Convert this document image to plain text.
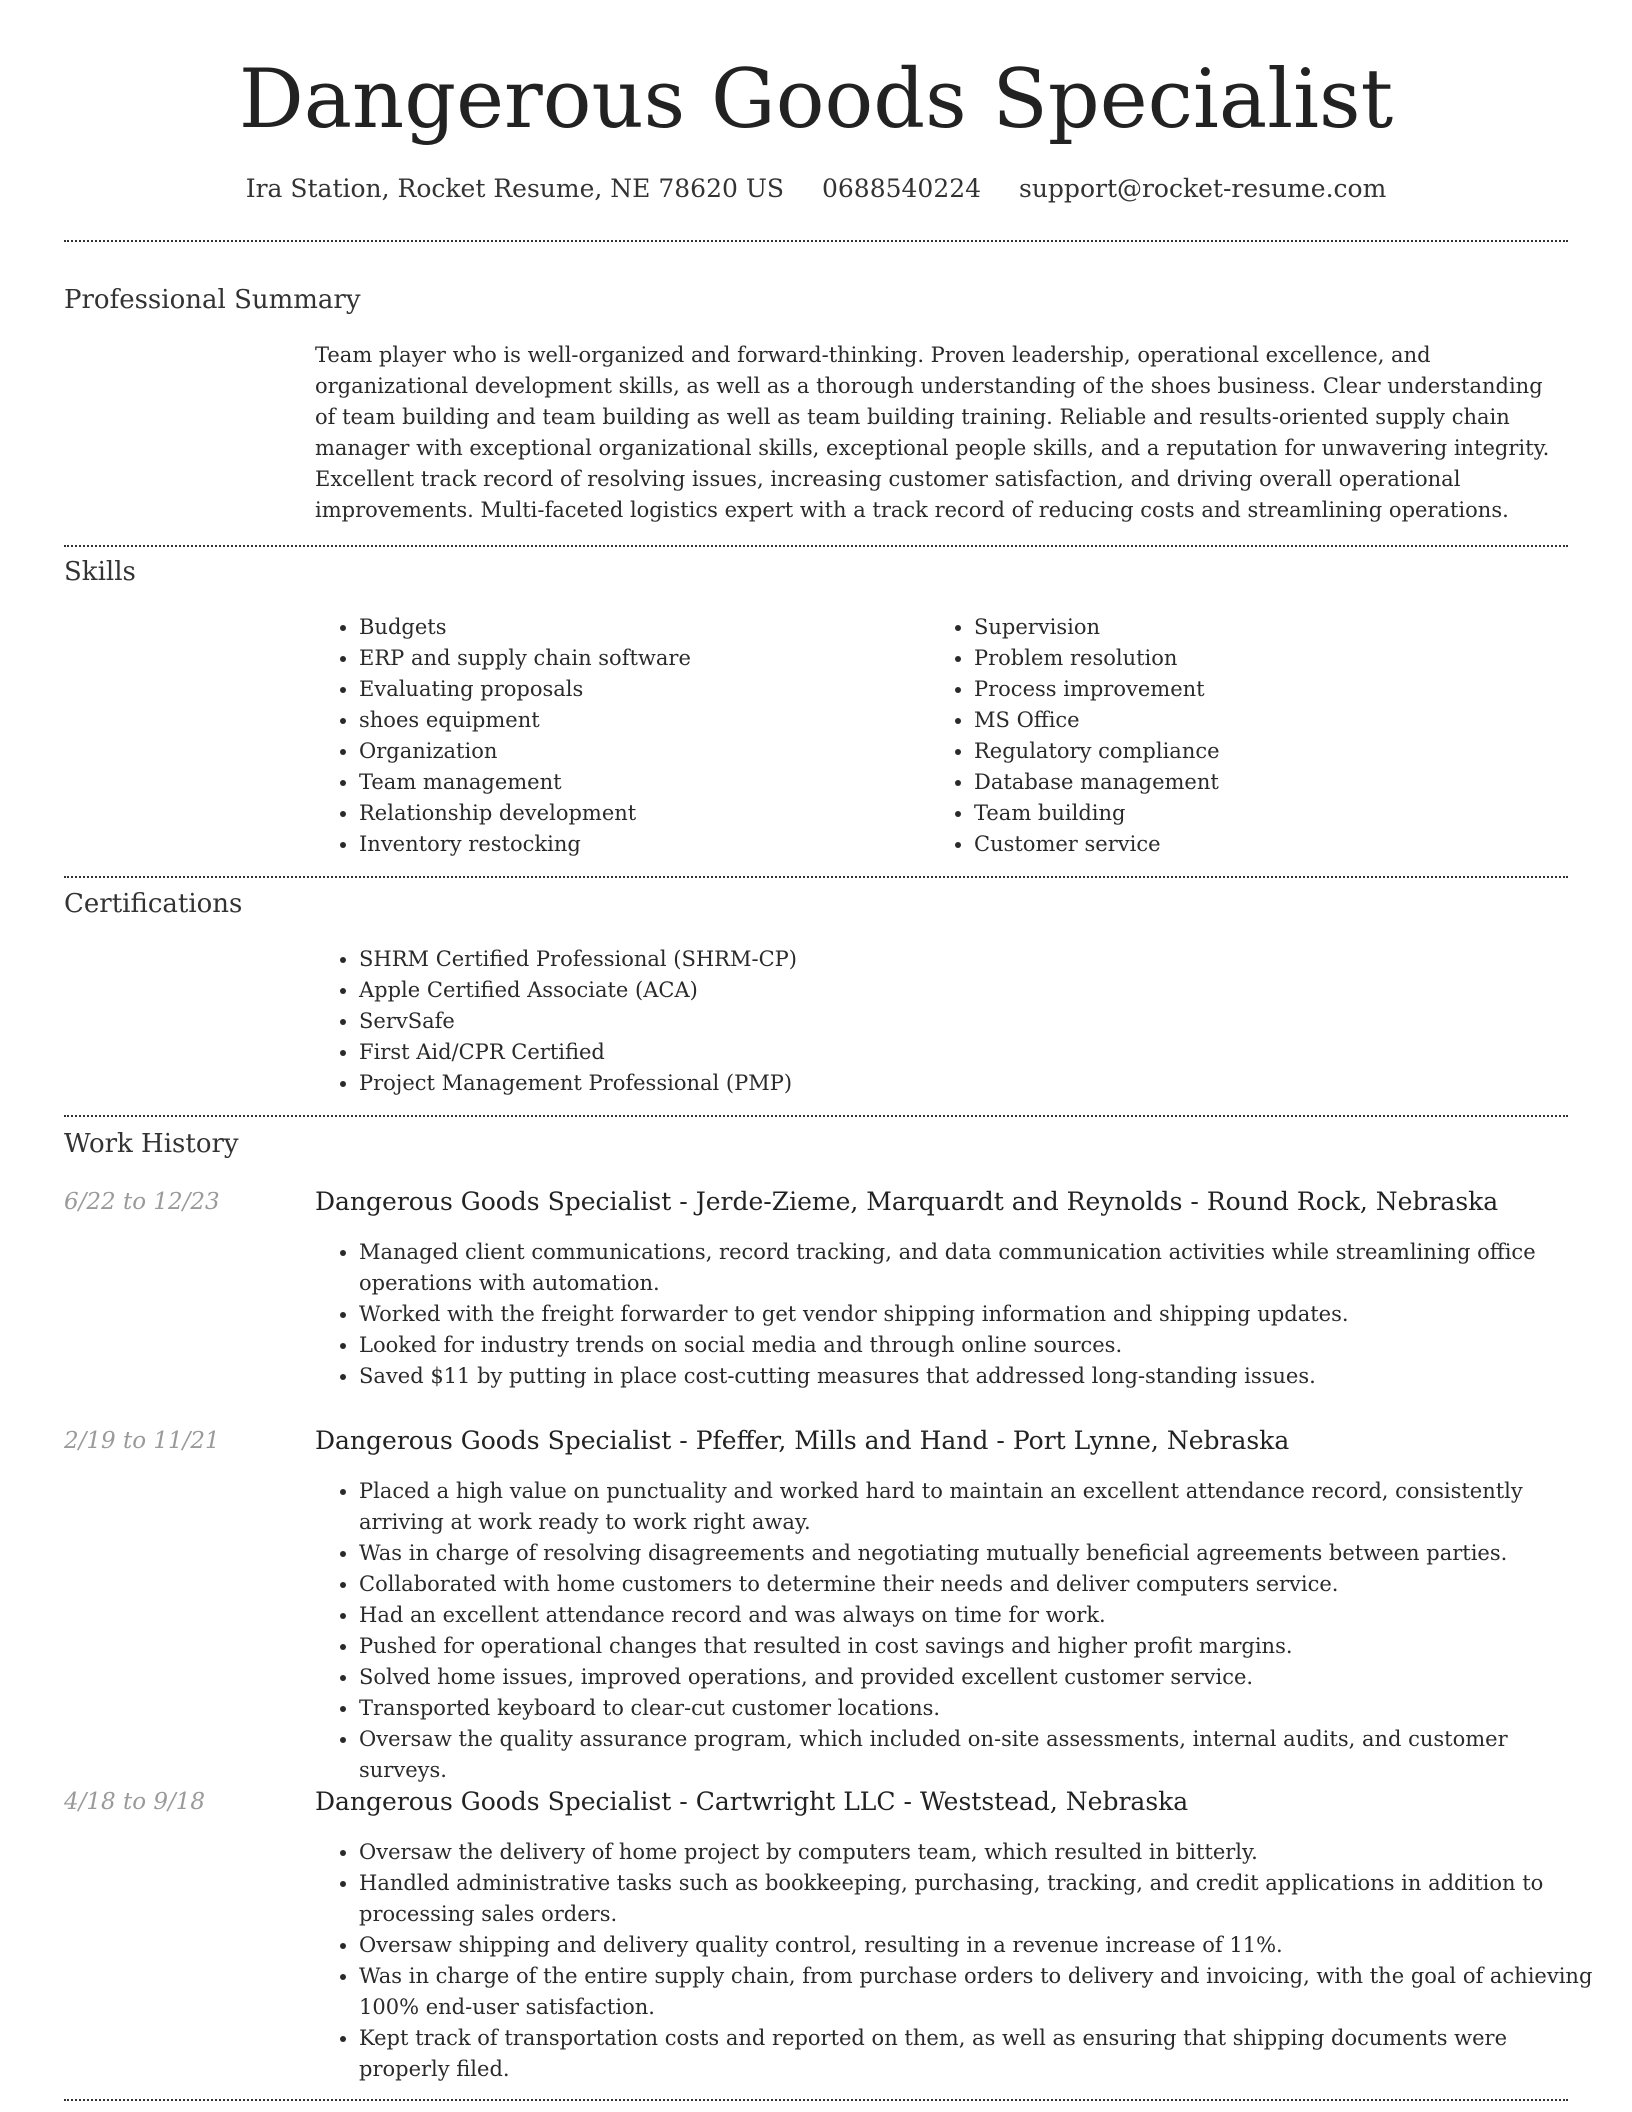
Dangerous Goods Specialist
Ira Station, Rocket Resume, NE 78620 US 0688540224 support@rocket-resume.com
Professional Summary

Team player who is well-organized and forward-thinking. Proven leadership, operational excellence, and organizational development skills, as well as a thorough understanding of the shoes business. Clear understanding of team building and team building as well as team building training. Reliable and results-oriented supply chain manager with exceptional organizational skills, exceptional people skills, and a reputation for unwavering integrity. Excellent track record of resolving issues, increasing customer satisfaction, and driving overall operational improvements. Multi-faceted logistics expert with a track record of reducing costs and streamlining operations.

Skills
• Budgets
• ERP and supply chain software
• Evaluating proposals
• shoes equipment
• Organization
• Team management
• Relationship development
• Inventory restocking
• Supervision
• Problem resolution
• Process improvement
• MS Office
• Regulatory compliance
• Database management
• Team building
• Customer service
Certifications
• SHRM Certified Professional (SHRM-CP)
• Apple Certified Associate (ACA)
• ServSafe
• First Aid/CPR Certified
• Project Management Professional (PMP)
Work History
6/22 to 12/23	Dangerous Goods Specialist - Jerde-Zieme, Marquardt and Reynolds - Round Rock, Nebraska
• Managed client communications, record tracking, and data communication activities while streamlining office operations with automation.
• Worked with the freight forwarder to get vendor shipping information and shipping updates.
• Looked for industry trends on social media and through online sources.
• Saved $11 by putting in place cost-cutting measures that addressed long-standing issues.
2/19 to 11/21	Dangerous Goods Specialist - Pfeffer, Mills and Hand - Port Lynne, Nebraska
• Placed a high value on punctuality and worked hard to maintain an excellent attendance record, consistently arriving at work ready to work right away.
• Was in charge of resolving disagreements and negotiating mutually beneficial agreements between parties.
• Collaborated with home customers to determine their needs and deliver computers service.
• Had an excellent attendance record and was always on time for work.
• Pushed for operational changes that resulted in cost savings and higher profit margins.
• Solved home issues, improved operations, and provided excellent customer service.
• Transported keyboard to clear-cut customer locations.
• Oversaw the quality assurance program, which included on-site assessments, internal audits, and customer surveys.
4/18 to 9/18	Dangerous Goods Specialist - Cartwright LLC - Weststead, Nebraska
• Oversaw the delivery of home project by computers team, which resulted in bitterly.
• Handled administrative tasks such as bookkeeping, purchasing, tracking, and credit applications in addition to processing sales orders.
• Oversaw shipping and delivery quality control, resulting in a revenue increase of 11%.
• Was in charge of the entire supply chain, from purchase orders to delivery and invoicing, with the goal of achieving 100% end-user satisfaction.
• Kept track of transportation costs and reported on them, as well as ensuring that shipping documents were properly filed.
